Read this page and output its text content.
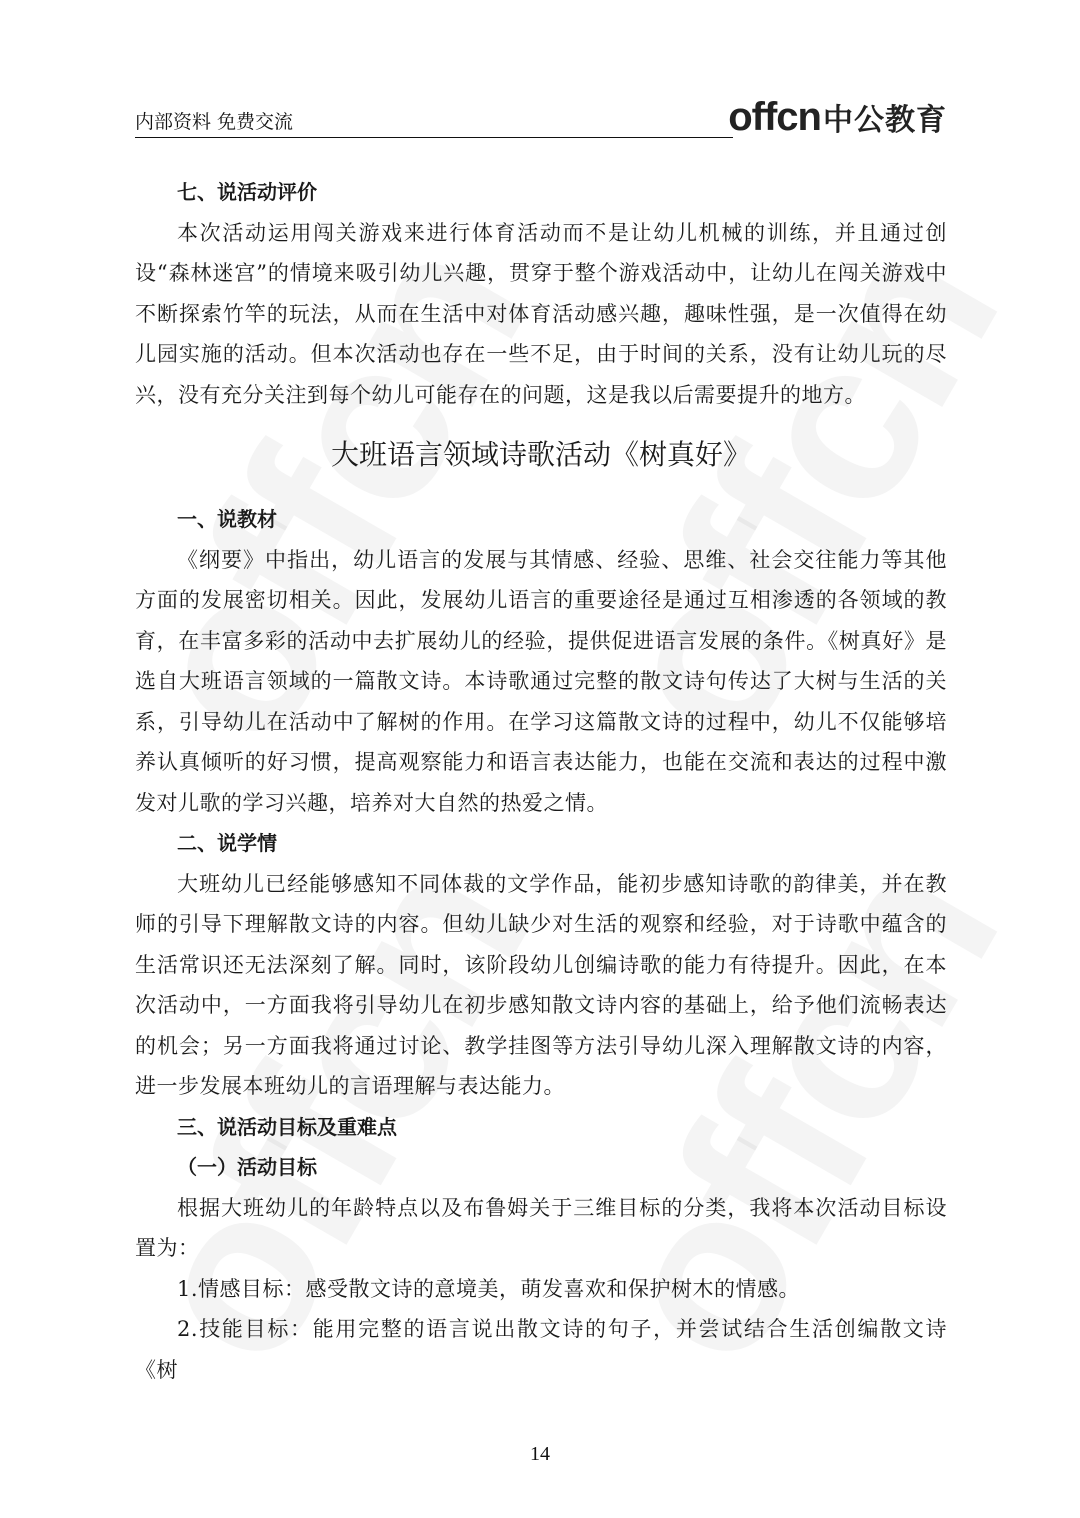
内部资料 免费交流	offcn 中公教育

七、说活动评价

本次活动运用闯关游戏来进行体育活动而不是让幼儿机械的训练，并且通过创设“森林迷宫”的情境来吸引幼儿兴趣，贯穿于整个游戏活动中，让幼儿在闯关游戏中不断探索竹竿的玩法，从而在生活中对体育活动感兴趣，趣味性强，是一次值得在幼儿园实施的活动。但本次活动也存在一些不足，由于时间的关系，没有让幼儿玩的尽兴，没有充分关注到每个幼儿可能存在的问题，这是我以后需要提升的地方。

大班语言领域诗歌活动《树真好》

一、说教材

《纲要》中指出，幼儿语言的发展与其情感、经验、思维、社会交往能力等其他方面的发展密切相关。因此，发展幼儿语言的重要途径是通过互相渗透的各领域的教育，在丰富多彩的活动中去扩展幼儿的经验，提供促进语言发展的条件。《树真好》是选自大班语言领域的一篇散文诗。本诗歌通过完整的散文诗句传达了大树与生活的关系，引导幼儿在活动中了解树的作用。在学习这篇散文诗的过程中，幼儿不仅能够培养认真倾听的好习惯，提高观察能力和语言表达能力，也能在交流和表达的过程中激发对儿歌的学习兴趣，培养对大自然的热爱之情。

二、说学情

大班幼儿已经能够感知不同体裁的文学作品，能初步感知诗歌的韵律美，并在教师的引导下理解散文诗的内容。但幼儿缺少对生活的观察和经验，对于诗歌中蕴含的生活常识还无法深刻了解。同时，该阶段幼儿创编诗歌的能力有待提升。因此，在本次活动中，一方面我将引导幼儿在初步感知散文诗内容的基础上，给予他们流畅表达的机会；另一方面我将通过讨论、教学挂图等方法引导幼儿深入理解散文诗的内容，进一步发展本班幼儿的言语理解与表达能力。

三、说活动目标及重难点

（一）活动目标

根据大班幼儿的年龄特点以及布鲁姆关于三维目标的分类，我将本次活动目标设置为：

1.情感目标：感受散文诗的意境美，萌发喜欢和保护树木的情感。

2.技能目标：能用完整的语言说出散文诗的句子，并尝试结合生活创编散文诗《树

14
